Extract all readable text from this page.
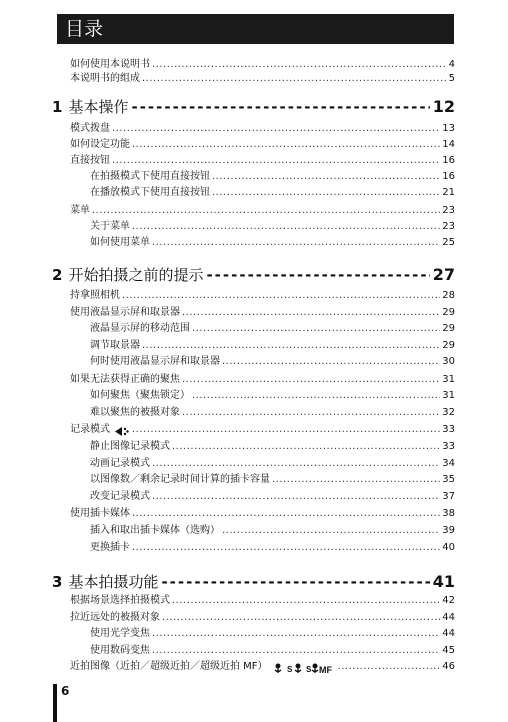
目录
如何使用本说明书 .....	4
本说明书的组成 .....	5
1 基本操作 -----	12
模式拨盘 .....	13
如何设定功能 .....	14
直接按钮 .....	16
在拍摄模式下使用直接按钮 .....	16
在播放模式下使用直接按钮 .....	21
菜单 .....	23
关于菜单 .....	23
如何使用菜单 .....	25
2 开始拍摄之前的提示 -----	27
持拿照相机 .....	28
使用液晶显示屏和取景器 .....	29
液晶显示屏的移动范围 .....	29
调节取景器 .....	29
何时使用液晶显示屏和取景器 .....	30
如果无法获得正确的聚焦 .....	31
如何聚焦（聚焦锁定） .....	31
难以聚焦的被摄对象 .....	32
记录模式 .....	33
静止图像记录模式 .....	33
动画记录模式 .....	34
以图像数／剩余记录时间计算的插卡容量 .....	35
改变记录模式 .....	37
使用插卡媒体 .....	38
插入和取出插卡媒体（选购） .....	39
更换插卡 .....	40
3 基本拍摄功能 -----	41
根据场景选择拍摄模式 .....	42
拉近远处的被摄对象 .....	44
使用光学变焦 .....	44
使用数码变焦 .....	45
近拍图像（近拍／超级近拍／超级近拍 MF） S S MF .....	46
6
